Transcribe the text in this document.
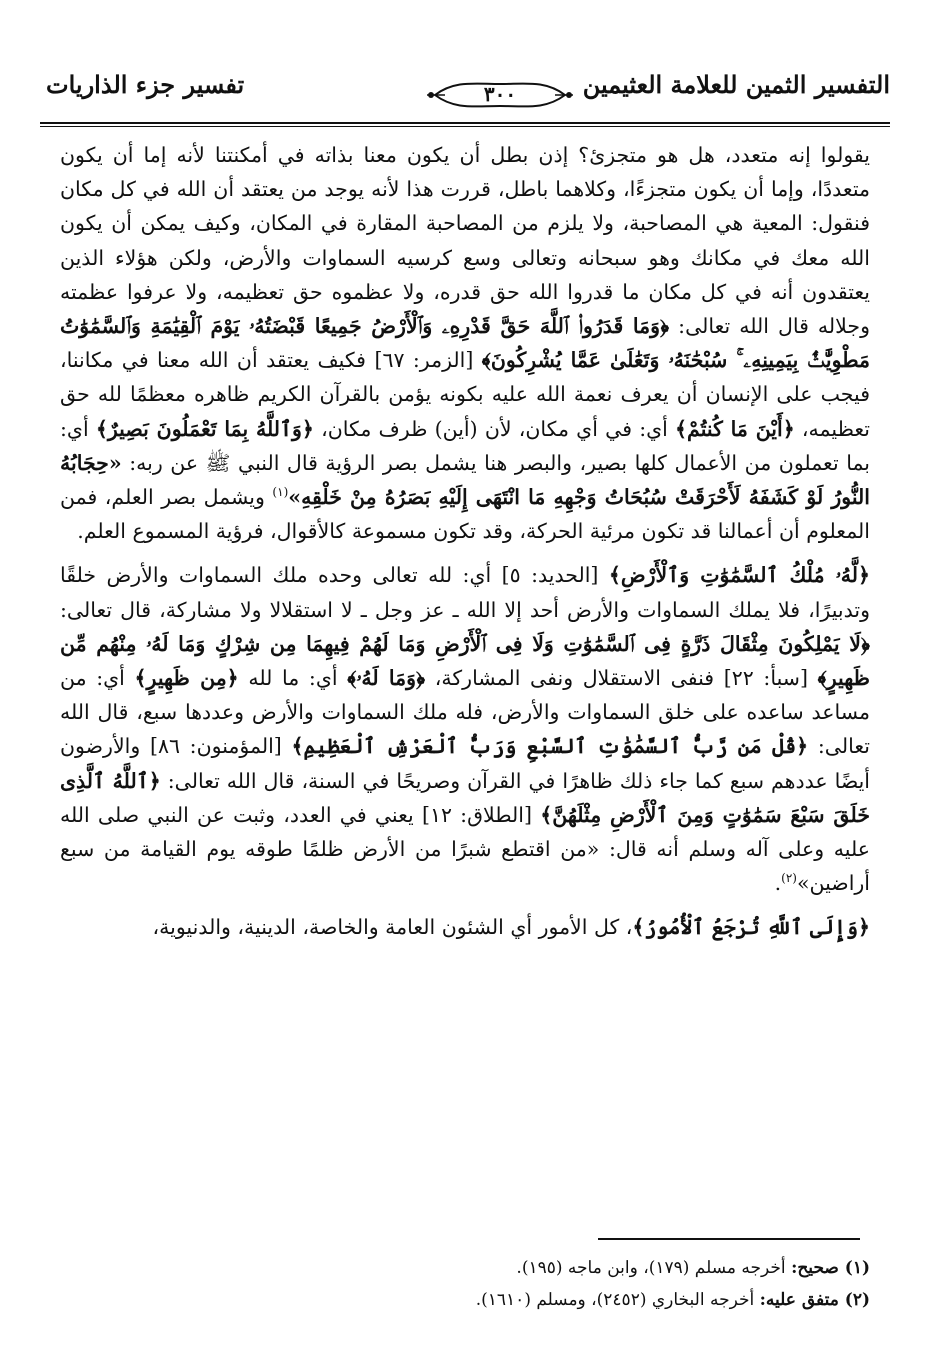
التفسير الثمين للعلامة العثيمين
٣٠٠
تفسير جزء الذاريات

يقولوا إنه متعدد، هل هو متجزئ؟ إذن بطل أن يكون معنا بذاته في أمكنتنا لأنه إما أن يكون متعددًا، وإما أن يكون متجزءًا، وكلاهما باطل، قررت هذا لأنه يوجد من يعتقد أن الله في كل مكان فنقول: المعية هي المصاحبة، ولا يلزم من المصاحبة المقارة في المكان، وكيف يمكن أن يكون الله معك في مكانك وهو سبحانه وتعالى وسع كرسيه السماوات والأرض، ولكن هؤلاء الذين يعتقدون أنه في كل مكان ما قدروا الله حق قدره، ولا عظموه حق تعظيمه، ولا عرفوا عظمته وجلاله قال الله تعالى: ﴿وَمَا قَدَرُوا۟ ٱللَّهَ حَقَّ قَدْرِهِۦ وَٱلْأَرْضُ جَمِيعًا قَبْضَتُهُۥ يَوْمَ ٱلْقِيَٰمَةِ وَٱلسَّمَٰوَٰتُ مَطْوِيَّٰتٌۢ بِيَمِينِهِۦ ۚ سُبْحَٰنَهُۥ وَتَعَٰلَىٰ عَمَّا يُشْرِكُونَ﴾ [الزمر: ٦٧] فكيف يعتقد أن الله معنا في مكاننا، فيجب على الإنسان أن يعرف نعمة الله عليه بكونه يؤمن بالقرآن الكريم ظاهره معظمًا لله حق تعظيمه، ﴿أَيْنَ مَا كُنتُمْ﴾ أي: في أي مكان، لأن (أين) ظرف مكان، ﴿وَٱللَّهُ بِمَا تَعْمَلُونَ بَصِيرٌ﴾ أي: بما تعملون من الأعمال كلها بصير، والبصر هنا يشمل بصر الرؤية قال النبي ﷺ عن ربه: «حِجَابُهُ النُّورُ لَوْ كَشَفَهُ لَأَحْرَقَتْ سُبُحَاتُ وَجْهِهِ مَا انْتَهَى إِلَيْهِ بَصَرُهُ مِنْ خَلْقِهِ»$^{(١)}$ ويشمل بصر العلم، فمن المعلوم أن أعمالنا قد تكون مرئية الحركة، وقد تكون مسموعة كالأقوال، فرؤية المسموع العلم.

﴿لَّهُۥ مُلْكُ ٱلسَّمَٰوَٰتِ وَٱلْأَرْضِ﴾ [الحديد: ٥] أي: لله تعالى وحده ملك السماوات والأرض خلقًا وتدبيرًا، فلا يملك السماوات والأرض أحد إلا الله ـ عز وجل ـ لا استقلالا ولا مشاركة، قال تعالى: ﴿لَا يَمْلِكُونَ مِثْقَالَ ذَرَّةٍ فِى ٱلسَّمَٰوَٰتِ وَلَا فِى ٱلْأَرْضِ وَمَا لَهُمْ فِيهِمَا مِن شِرْكٍ وَمَا لَهُۥ مِنْهُم مِّن ظَهِيرٍ﴾ [سبأ: ٢٢] فنفى الاستقلال ونفى المشاركة، ﴿وَمَا لَهُۥ﴾ أي: ما لله ﴿مِن ظَهِيرٍ﴾ أي: من مساعد ساعده على خلق السماوات والأرض، فله ملك السماوات والأرض وعددها سبع، قال الله تعالى: ﴿قُلْ مَن رَّبُّ ٱلسَّمَٰوَٰتِ ٱلسَّبْعِ وَرَبُّ ٱلْعَرْشِ ٱلْعَظِيمِ﴾ [المؤمنون: ٨٦] والأرضون أيضًا عددهم سبع كما جاء ذلك ظاهرًا في القرآن وصريحًا في السنة، قال الله تعالى: ﴿ٱللَّهُ ٱلَّذِى خَلَقَ سَبْعَ سَمَٰوَٰتٍ وَمِنَ ٱلْأَرْضِ مِثْلَهُنَّ﴾ [الطلاق: ١٢] يعني في العدد، وثبت عن النبي صلى الله عليه وعلى آله وسلم أنه قال: «من اقتطع شبرًا من الأرض ظلمًا طوقه يوم القيامة من سبع أراضين»$^{(٢)}$.

﴿وَإِلَى ٱللَّهِ تُرْجَعُ ٱلْأُمُورُ﴾، كل الأمور أي الشئون العامة والخاصة، الدينية، والدنيوية،

(١) صحيح: أخرجه مسلم (١٧٩)، وابن ماجه (١٩٥).
(٢) متفق عليه: أخرجه البخاري (٢٤٥٢)، ومسلم (١٦١٠).
